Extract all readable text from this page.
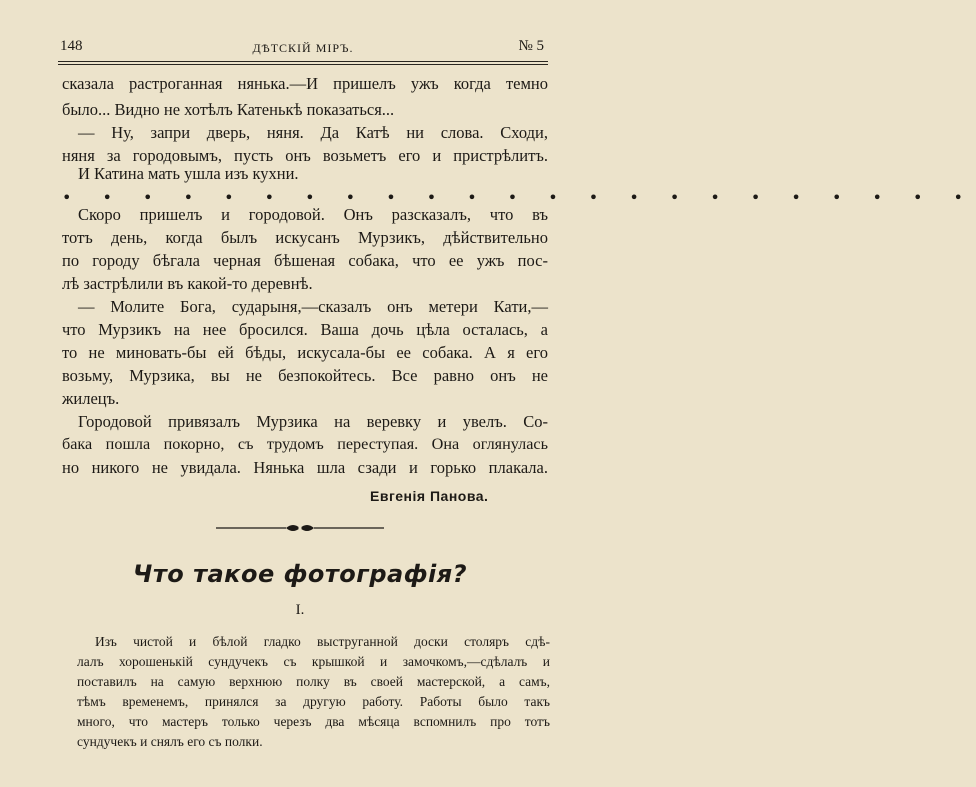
148	ДѢТСКІЙ МІРЪ.	№ 5
сказала растроганная нянька.—И пришелъ ужъ когда темно
было... Видно не хотѣлъ Катенькѣ показаться...
— Ну, запри дверь, няня. Да Катѣ ни слова. Сходи,
няня за городовымъ, пусть онъ возьметъ его и пристрѣлитъ.
И Катина мать ушла изъ кухни.
• • • • • • • • • • • • • • • • • • • • • • •
Скоро пришелъ и городовой. Онъ разсказалъ, что въ
тотъ день, когда былъ искусанъ Мурзикъ, дѣйствительно
по городу бѣгала черная бѣшеная собака, что ее ужъ пос-
лѣ застрѣлили въ какой-то деревнѣ.
— Молите Бога, сударыня,—сказалъ онъ метери Кати,—
что Мурзикъ на нее бросился. Ваша дочь цѣла осталась, а
то не миновать-бы ей бѣды, искусала-бы ее собака. А я его
возьму, Мурзика, вы не безпокойтесь. Все равно онъ не
жилецъ.
Городовой привязалъ Мурзика на веревку и увелъ. Со-
бака пошла покорно, съ трудомъ переступая. Она оглянулась
но никого не увидала. Нянька шла сзади и горько плакала.
Евгенія Панова.
Что такое фотографія?
I.
Изъ чистой и бѣлой гладко выструганной доски столяръ сдѣ-
лалъ хорошенькій сундучекъ съ крышкой и замочкомъ,—сдѣлалъ и
поставилъ на самую верхнюю полку въ своей мастерской, а самъ,
тѣмъ временемъ, принялся за другую работу. Работы было такъ
много, что мастеръ только черезъ два мѣсяца вспомнилъ про тотъ
сундучекъ и снялъ его съ полки.
